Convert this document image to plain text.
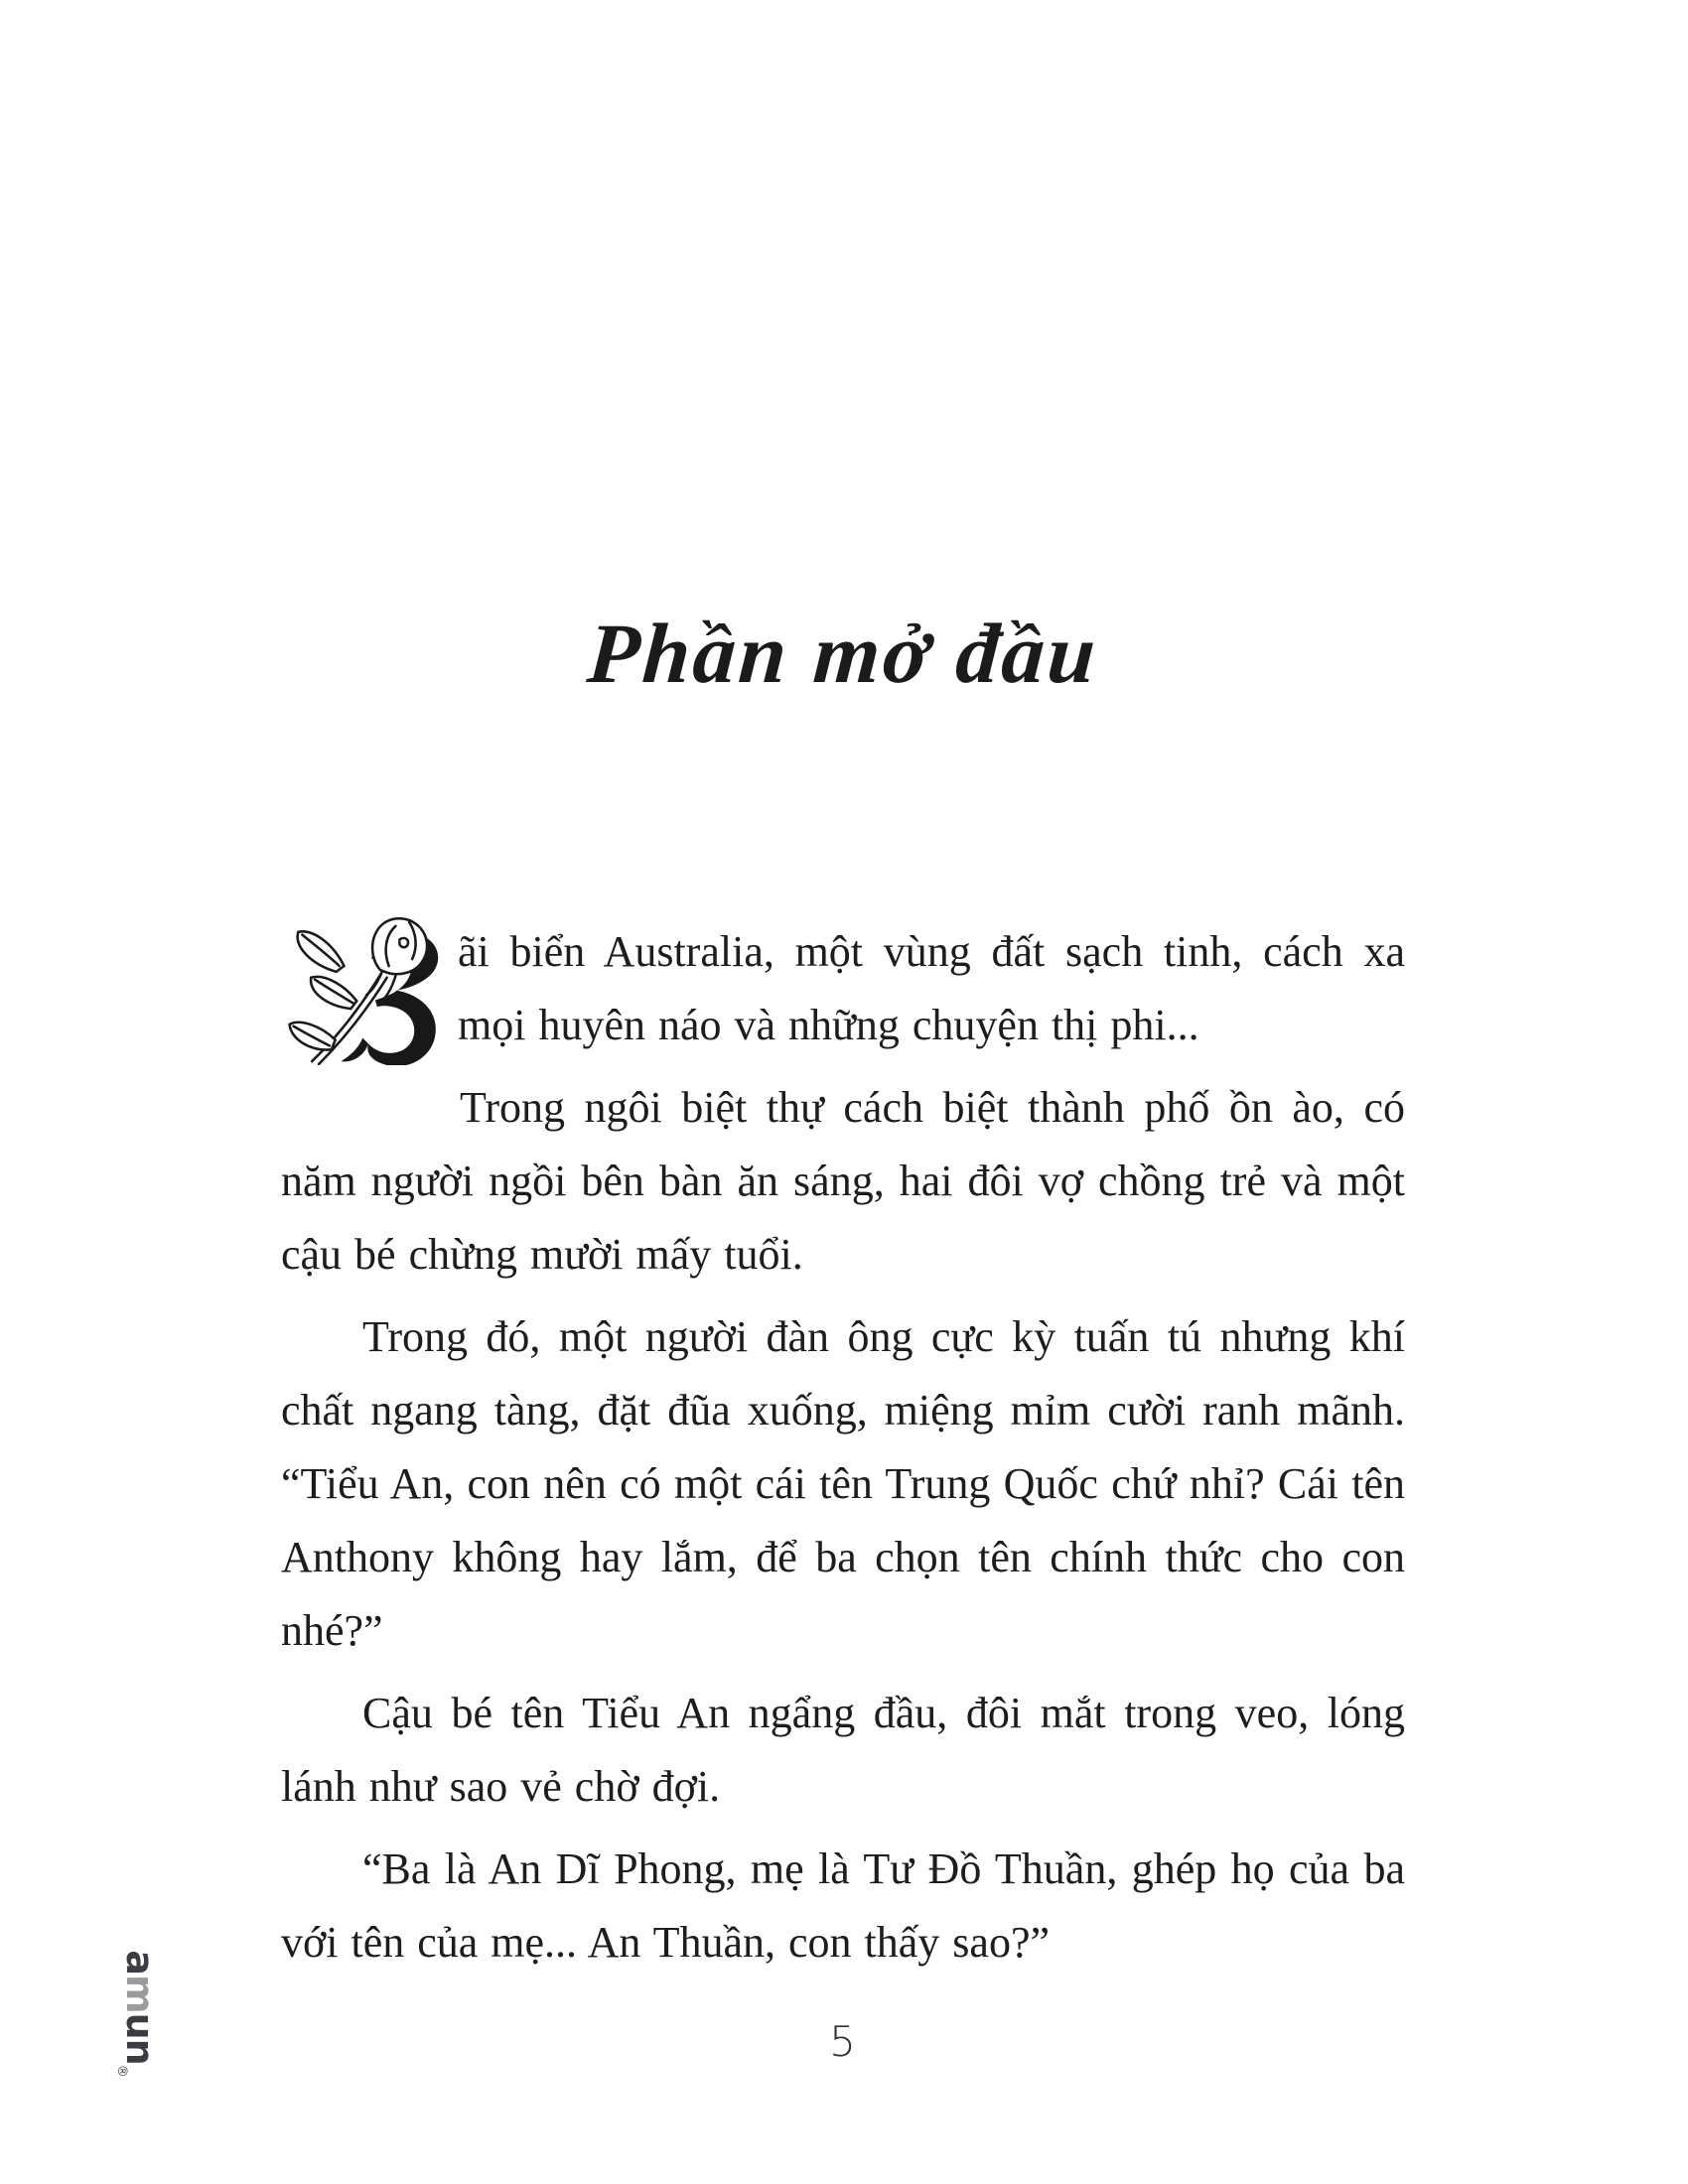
Phần mở đầu

ãi biển Australia, một vùng đất sạch tinh, cách xa mọi huyên náo và những chuyện thị phi...

Trong ngôi biệt thự cách biệt thành phố ồn ào, có năm người ngồi bên bàn ăn sáng, hai đôi vợ chồng trẻ và một cậu bé chừng mười mấy tuổi.

Trong đó, một người đàn ông cực kỳ tuấn tú nhưng khí chất ngang tàng, đặt đũa xuống, miệng mỉm cười ranh mãnh. “Tiểu An, con nên có một cái tên Trung Quốc chứ nhỉ? Cái tên Anthony không hay lắm, để ba chọn tên chính thức cho con nhé?”

Cậu bé tên Tiểu An ngẩng đầu, đôi mắt trong veo, lóng lánh như sao vẻ chờ đợi.

“Ba là An Dĩ Phong, mẹ là Tư Đồ Thuần, ghép họ của ba với tên của mẹ... An Thuần, con thấy sao?”

amun$_®$
5
